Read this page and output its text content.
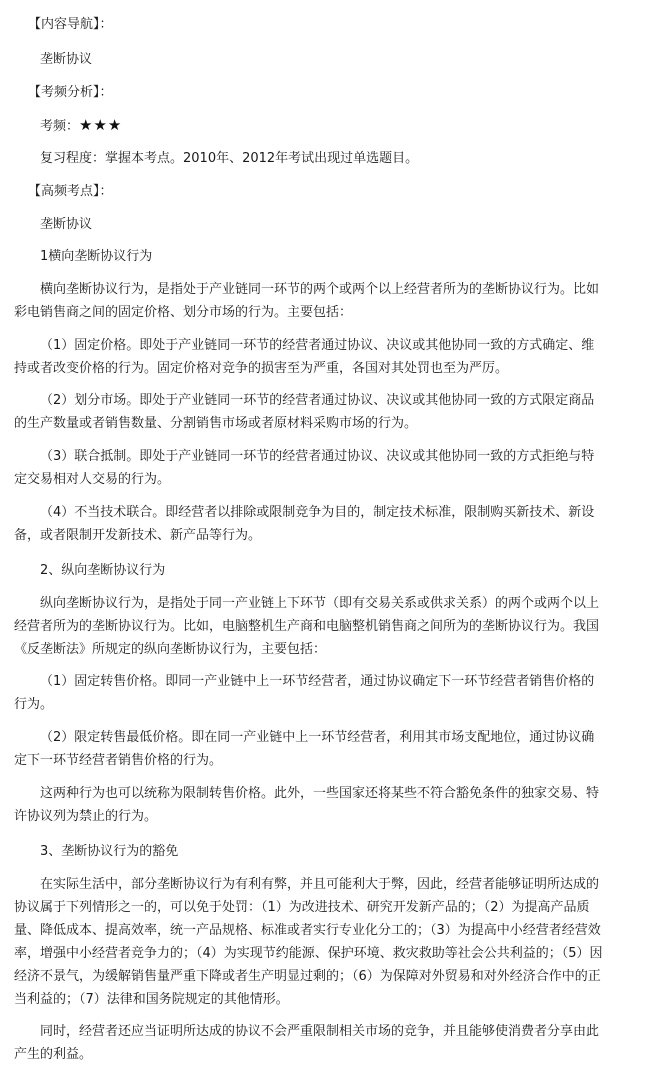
【内容导航】：
垄断协议
【考频分析】：
考频：★★★
复习程度：掌握本考点。2010年、2012年考试出现过单选题目。
【高频考点】：
垄断协议
1横向垄断协议行为
横向垄断协议行为，是指处于产业链同一环节的两个或两个以上经营者所为的垄断协议行为。比如彩电销售商之间的固定价格、划分市场的行为。主要包括：
（1）固定价格。即处于产业链同一环节的经营者通过协议、决议或其他协同一致的方式确定、维持或者改变价格的行为。固定价格对竞争的损害至为严重，各国对其处罚也至为严厉。
（2）划分市场。即处于产业链同一环节的经营者通过协议、决议或其他协同一致的方式限定商品的生产数量或者销售数量、分割销售市场或者原材料采购市场的行为。
（3）联合抵制。即处于产业链同一环节的经营者通过协议、决议或其他协同一致的方式拒绝与特定交易相对人交易的行为。
（4）不当技术联合。即经营者以排除或限制竞争为目的，制定技术标准，限制购买新技术、新设备，或者限制开发新技术、新产品等行为。
2、纵向垄断协议行为
纵向垄断协议行为，是指处于同一产业链上下环节（即有交易关系或供求关系）的两个或两个以上经营者所为的垄断协议行为。比如，电脑整机生产商和电脑整机销售商之间所为的垄断协议行为。我国《反垄断法》所规定的纵向垄断协议行为，主要包括：
（1）固定转售价格。即同一产业链中上一环节经营者，通过协议确定下一环节经营者销售价格的行为。
（2）限定转售最低价格。即在同一产业链中上一环节经营者，利用其市场支配地位，通过协议确定下一环节经营者销售价格的行为。
这两种行为也可以统称为限制转售价格。此外，一些国家还将某些不符合豁免条件的独家交易、特许协议列为禁止的行为。
3、垄断协议行为的豁免
在实际生活中，部分垄断协议行为有利有弊，并且可能利大于弊，因此，经营者能够证明所达成的协议属于下列情形之一的，可以免于处罚：（1）为改进技术、研究开发新产品的；（2）为提高产品质量、降低成本、提高效率，统一产品规格、标准或者实行专业化分工的；（3）为提高中小经营者经营效率，增强中小经营者竞争力的；（4）为实现节约能源、保护环境、救灾救助等社会公共利益的；（5）因经济不景气，为缓解销售量严重下降或者生产明显过剩的；（6）为保障对外贸易和对外经济合作中的正当利益的；（7）法律和国务院规定的其他情形。
同时，经营者还应当证明所达成的协议不会严重限制相关市场的竞争，并且能够使消费者分享由此产生的利益。
